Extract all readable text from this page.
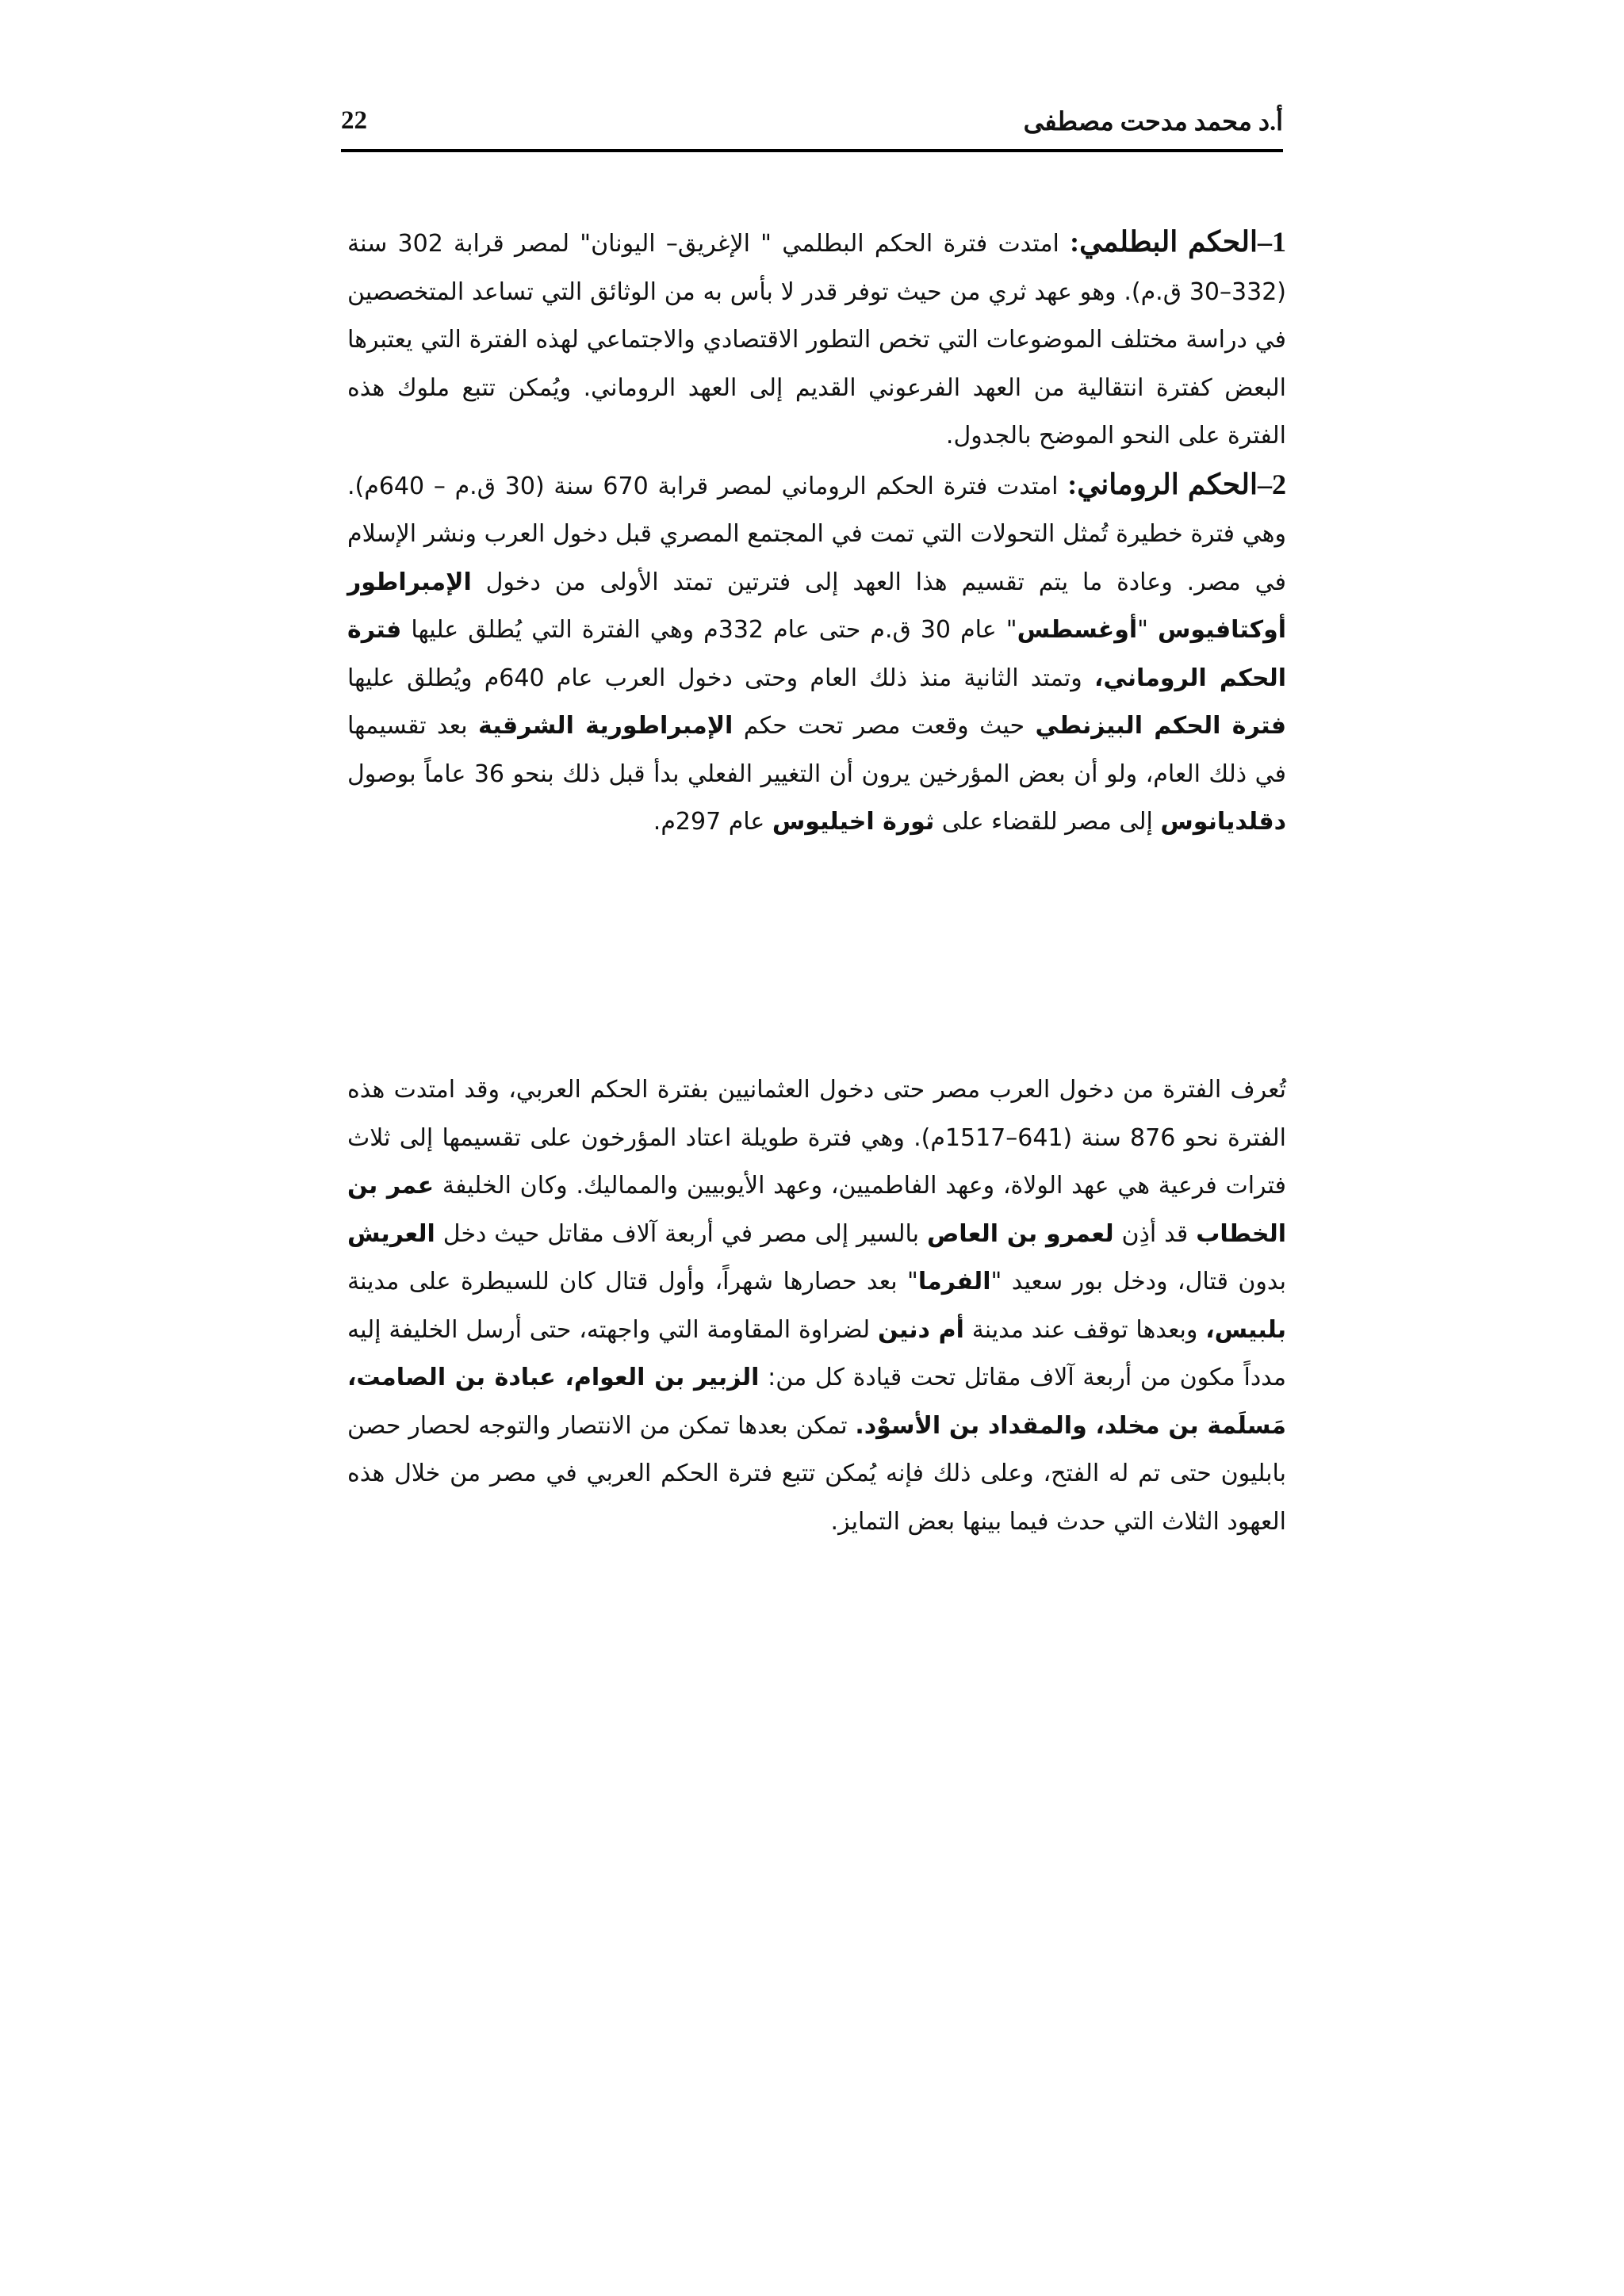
22	أ.د محمد مدحت مصطفى

1–الحكم البطلمي: امتدت فترة الحكم البطلمي " الإغريق– اليونان" لمصر قرابة 302 سنة (332–30 ق.م). وهو عهد ثري من حيث توفر قدر لا بأس به من الوثائق التي تساعد المتخصصين في دراسة مختلف الموضوعات التي تخص التطور الاقتصادي والاجتماعي لهذه الفترة التي يعتبرها البعض كفترة انتقالية من العهد الفرعوني القديم إلى العهد الروماني. ويُمكن تتبع ملوك هذه الفترة على النحو الموضح بالجدول.

2–الحكم الروماني: امتدت فترة الحكم الروماني لمصر قرابة 670 سنة (30 ق.م – 640م). وهي فترة خطيرة تُمثل التحولات التي تمت في المجتمع المصري قبل دخول العرب ونشر الإسلام في مصر. وعادة ما يتم تقسيم هذا العهد إلى فترتين تمتد الأولى من دخول الإمبراطور أوكتافيوس "أوغسطس" عام 30 ق.م حتى عام 332م وهي الفترة التي يُطلق عليها فترة الحكم الروماني، وتمتد الثانية منذ ذلك العام وحتى دخول العرب عام 640م ويُطلق عليها فترة الحكم البيزنطي حيث وقعت مصر تحت حكم الإمبراطورية الشرقية بعد تقسيمها في ذلك العام، ولو أن بعض المؤرخين يرون أن التغيير الفعلي بدأ قبل ذلك بنحو 36 عاماً بوصول دقلديانوس إلى مصر للقضاء على ثورة اخيليوس عام 297م.

تُعرف الفترة من دخول العرب مصر حتى دخول العثمانيين بفترة الحكم العربي، وقد امتدت هذه الفترة نحو 876 سنة (641–1517م). وهي فترة طويلة اعتاد المؤرخون على تقسيمها إلى ثلاث فترات فرعية هي عهد الولاة، وعهد الفاطميين، وعهد الأيوبيين والمماليك. وكان الخليفة عمر بن الخطاب قد أذِن لعمرو بن العاص بالسير إلى مصر في أربعة آلاف مقاتل حيث دخل العريش بدون قتال، ودخل بور سعيد "الفرما" بعد حصارها شهراً، وأول قتال كان للسيطرة على مدينة بلبيس، وبعدها توقف عند مدينة أم دنين لضراوة المقاومة التي واجهته، حتى أرسل الخليفة إليه مدداً مكون من أربعة آلاف مقاتل تحت قيادة كل من: الزبير بن العوام، عبادة بن الصامت، مَسلَمة بن مخلد، والمقداد بن الأسوْد. تمكن بعدها تمكن من الانتصار والتوجه لحصار حصن بابليون حتى تم له الفتح، وعلى ذلك فإنه يُمكن تتبع فترة الحكم العربي في مصر من خلال هذه العهود الثلاث التي حدث فيما بينها بعض التمايز.
